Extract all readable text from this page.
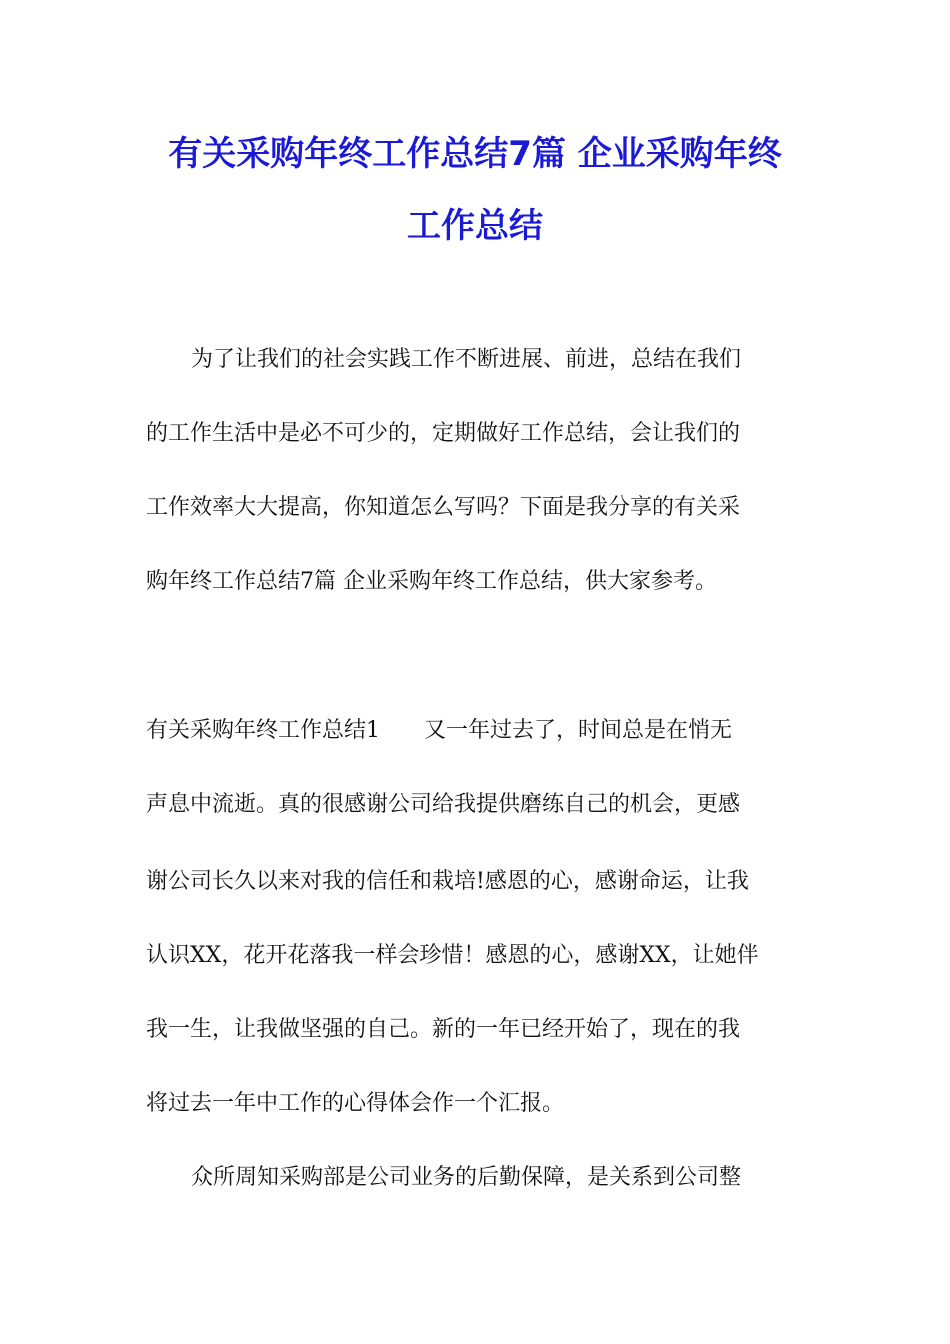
有关采购年终工作总结7篇 企业采购年终
工作总结

为了让我们的社会实践工作不断进展、前进，总结在我们

的工作生活中是必不可少的，定期做好工作总结，会让我们的

工作效率大大提高，你知道怎么写吗？下面是我分享的有关采

购年终工作总结7篇 企业采购年终工作总结，供大家参考。

有关采购年终工作总结1　　又一年过去了，时间总是在悄无

声息中流逝。真的很感谢公司给我提供磨练自己的机会，更感

谢公司长久以来对我的信任和栽培!感恩的心，感谢命运，让我

认识XX，花开花落我一样会珍惜！感恩的心，感谢XX，让她伴

我一生，让我做坚强的自己。新的一年已经开始了，现在的我

将过去一年中工作的心得体会作一个汇报。

众所周知采购部是公司业务的后勤保障，是关系到公司整
